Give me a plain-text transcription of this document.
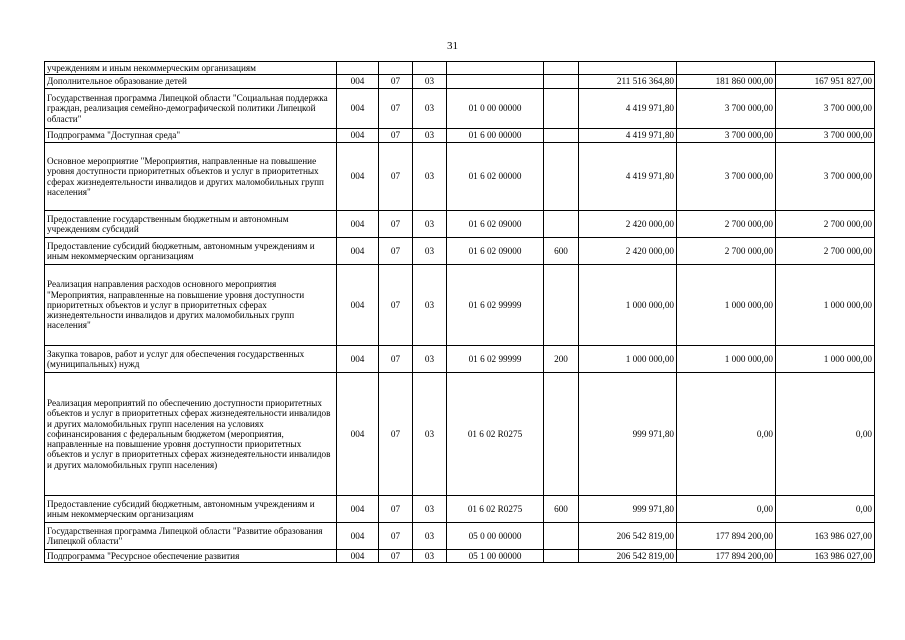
31
учреждениям и иным некоммерческим организациям								
Дополнительное образование детей	004	07	03			211 516 364,80	181 860 000,00	167 951 827,00
Государственная программа Липецкой области "Социальная поддержка граждан, реализация семейно-демографической политики Липецкой области"	004	07	03	01 0 00 00000		4 419 971,80	3 700 000,00	3 700 000,00
Подпрограмма "Доступная среда"	004	07	03	01 6 00 00000		4 419 971,80	3 700 000,00	3 700 000,00
Основное мероприятие "Мероприятия, направленные на повышение уровня доступности приоритетных объектов и услуг в приоритетных сферах жизнедеятельности инвалидов и других маломобильных групп населения"	004	07	03	01 6 02 00000		4 419 971,80	3 700 000,00	3 700 000,00
Предоставление государственным бюджетным и автономным учреждениям субсидий	004	07	03	01 6 02 09000		2 420 000,00	2 700 000,00	2 700 000,00
Предоставление субсидий бюджетным, автономным учреждениям и иным некоммерческим организациям	004	07	03	01 6 02 09000	600	2 420 000,00	2 700 000,00	2 700 000,00
Реализация направления расходов основного мероприятия "Мероприятия, направленные на повышение уровня доступности приоритетных объектов и услуг в приоритетных сферах жизнедеятельности инвалидов и других маломобильных групп населения"	004	07	03	01 6 02 99999		1 000 000,00	1 000 000,00	1 000 000,00
Закупка товаров, работ и услуг для обеспечения государственных (муниципальных) нужд	004	07	03	01 6 02 99999	200	1 000 000,00	1 000 000,00	1 000 000,00
Реализация мероприятий по обеспечению доступности приоритетных объектов и услуг в приоритетных сферах жизнедеятельности инвалидов и других маломобильных групп населения на условиях софинансирования с федеральным бюджетом (мероприятия, направленные на повышение уровня доступности приоритетных объектов и услуг в приоритетных сферах жизнедеятельности инвалидов и других маломобильных групп населения)	004	07	03	01 6 02 R0275		999 971,80	0,00	0,00
Предоставление субсидий бюджетным, автономным учреждениям и иным некоммерческим организациям	004	07	03	01 6 02 R0275	600	999 971,80	0,00	0,00
Государственная программа Липецкой области "Развитие образования Липецкой области"	004	07	03	05 0 00 00000		206 542 819,00	177 894 200,00	163 986 027,00
Подпрограмма "Ресурсное обеспечение развития	004	07	03	05 1 00 00000		206 542 819,00	177 894 200,00	163 986 027,00
